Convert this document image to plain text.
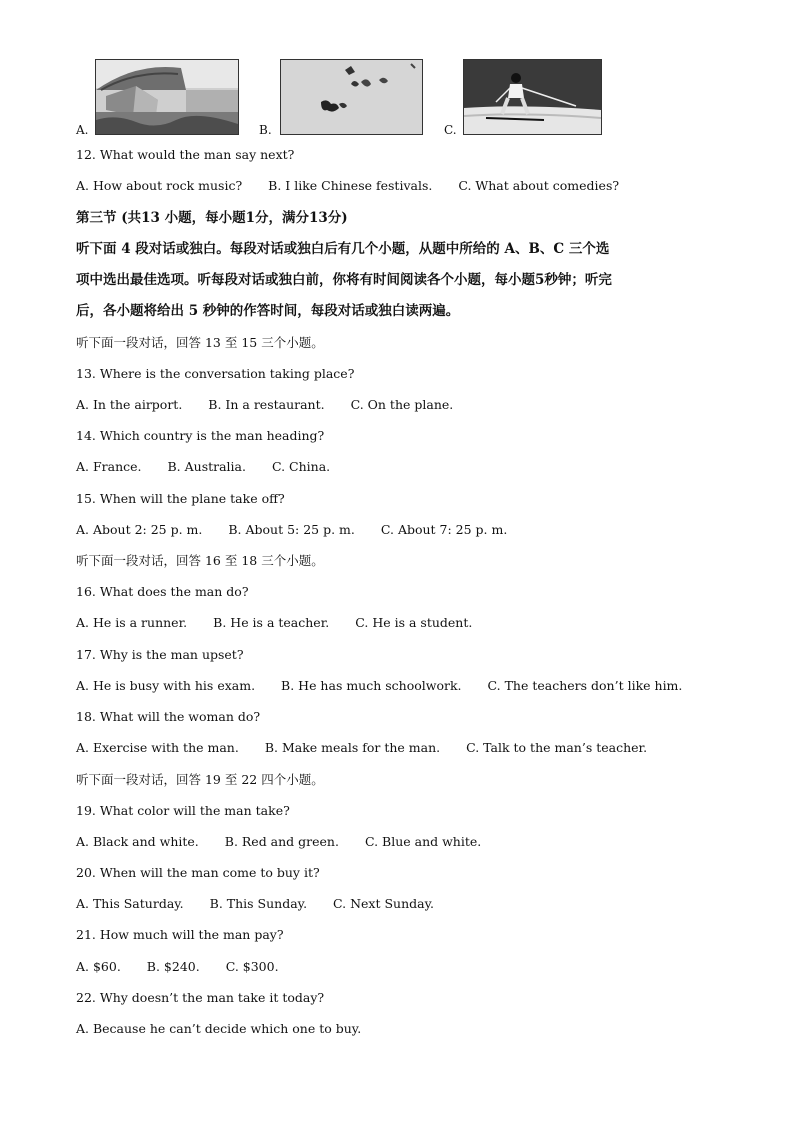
A.	B.	C.
12. What would the man say next?
A. How about rock music? B. I like Chinese festivals. C. What about comedies?
第三节 (共13 小题，每小题1分，满分13分)
听下面 4 段对话或独白。每段对话或独白后有几个小题，从题中所给的 A、B、C 三个选
项中选出最佳选项。听每段对话或独白前，你将有时间阅读各个小题，每小题5秒钟；听完
后，各小题将给出 5 秒钟的作答时间，每段对话或独白读两遍。
听下面一段对话，回答 13 至 15 三个小题。
13. Where is the conversation taking place?
A. In the airport. B. In a restaurant. C. On the plane.
14. Which country is the man heading?
A. France. B. Australia. C. China.
15. When will the plane take off?
A. About 2: 25 p. m. B. About 5: 25 p. m. C. About 7: 25 p. m.
听下面一段对话，回答 16 至 18 三个小题。
16. What does the man do?
A. He is a runner. B. He is a teacher. C. He is a student.
17. Why is the man upset?
A. He is busy with his exam. B. He has much schoolwork. C. The teachers don’t like him.
18. What will the woman do?
A. Exercise with the man. B. Make meals for the man. C. Talk to the man’s teacher.
听下面一段对话，回答 19 至 22 四个小题。
19. What color will the man take?
A. Black and white. B. Red and green. C. Blue and white.
20. When will the man come to buy it?
A. This Saturday. B. This Sunday. C. Next Sunday.
21. How much will the man pay?
A. $60. B. $240. C. $300.
22. Why doesn’t the man take it today?
A. Because he can’t decide which one to buy.
